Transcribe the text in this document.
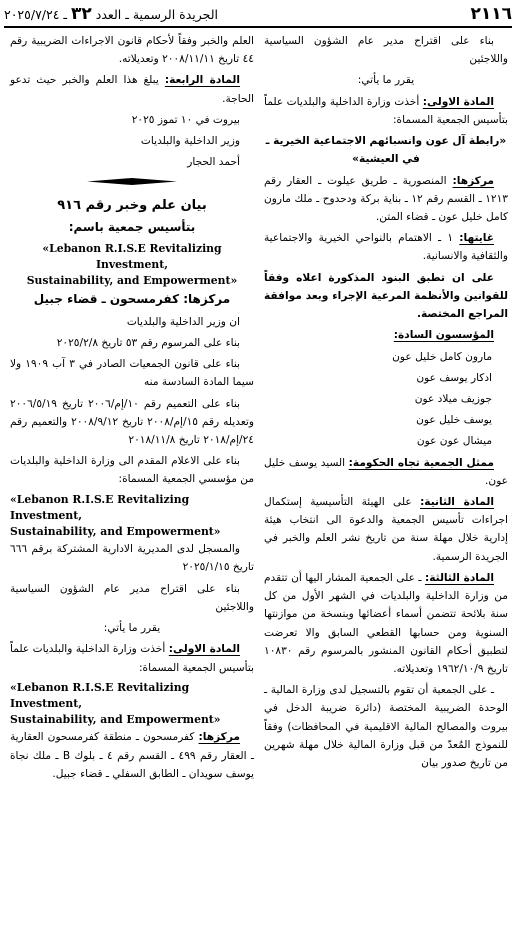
٢١١٦
الجريدة الرسمية ـ العدد ٣٢ ـ ٢٠٢٥/٧/٢٤

بناء على اقتراح مدير عام الشؤون السياسية واللاجئين

يقرر ما يأتي:

المادة الاولى: أخذت وزارة الداخلية والبلديات علماً بتأسيس الجمعية المسماة:

«رابطة آل عون وانسبائهم الاجتماعية الخيرية ـ في العيشية»

مركزها: المنصورية ـ طريق عيلوت ـ العقار رقم ١٢١٣ ـ القسم رقم ١٢ ـ بناية بركة ودحدوح ـ ملك مارون كامل خليل عون ـ قضاء المتن.

غايتها: ١ ـ الاهتمام بالنواحي الخيرية والاجتماعية والثقافية والانسانية.

على ان تطبق البنود المذكورة اعلاه وفقاً للقوانين والأنظمة المرعية الإجراء وبعد موافقة المراجع المختصة.

المؤسسون السادة:

مارون كامل خليل عون

ادكار يوسف عون

جوزيف ميلاد عون

يوسف خليل عون

ميشال عون عون

ممثل الجمعية تجاه الحكومة: السيد يوسف خليل عون.

المادة الثانية: على الهيئة التأسيسية إستكمال اجراءات تأسيس الجمعية والدعوة الى انتخاب هيئة إدارية خلال مهلة سنة من تاريخ نشر العلم والخبر في الجريدة الرسمية.

المادة الثالثة: ـ على الجمعية المشار اليها أن تتقدم من وزارة الداخلية والبلديات في الشهر الأول من كل سنة بلائحة تتضمن أسماء أعضائها وبنسخة من موازنتها السنوية ومن حسابها القطعي السابق والا تعرضت لتطبيق أحكام القانون المنشور بالمرسوم رقم ١٠٨٣٠ تاريخ ١٩٦٢/١٠/٩ وتعديلاته.

ـ على الجمعية أن تقوم بالتسجيل لدى وزارة المالية ـ الوحدة الضريبية المختصة (دائرة ضريبة الدخل في بيروت والمصالح المالية الاقليمية في المحافظات) وفقاً للنموذج المُعدّ من قبل وزارة المالية خلال مهلة شهرين من تاريخ صدور بيان

العلم والخبر وفقاً لأحكام قانون الاجراءات الضريبية رقم ٤٤ تاريخ ٢٠٠٨/١١/١١ وتعديلاته.

المادة الرابعة: يبلغ هذا العلم والخبر حيث تدعو الحاجة.

بيروت في ١٠ تموز ٢٠٢٥

وزير الداخلية والبلديات

أحمد الحجار

بيان علم وخبر رقم ٩١٦

بتأسيس جمعية باسم:

«Lebanon R.I.S.E Revitalizing Investment,
Sustainability, and Empowerment»

مركزها: كفرمسحون ـ قضاء جبيل

ان وزير الداخلية والبلديات

بناء على المرسوم رقم ٥٣ تاريخ ٢٠٢٥/٢/٨

بناء على قانون الجمعيات الصادر في ٣ آب ١٩٠٩ ولا سيما المادة السادسة منه

بناء على التعميم رقم ١٠/إم/٢٠٠٦ تاريخ ٢٠٠٦/٥/١٩ وتعديله رقم ١٥/إم/٢٠٠٨ تاريخ ٢٠٠٨/٩/١٢ والتعميم رقم ٢٤/إم/٢٠١٨ تاريخ ٢٠١٨/١١/٨

بناء على الاعلام المقدم الى وزارة الداخلية والبلديات من مؤسسي الجمعية المسماة:

«Lebanon R.I.S.E Revitalizing Investment,
Sustainability, and Empowerment»

والمسجل لدى المديرية الادارية المشتركة برقم ٦٦٦ تاريخ ٢٠٢٥/١/١٥

بناء على اقتراح مدير عام الشؤون السياسية واللاجئين

يقرر ما يأتي:

المادة الاولى: أخذت وزارة الداخلية والبلديات علماً بتأسيس الجمعية المسماة:

«Lebanon R.I.S.E Revitalizing Investment,
Sustainability, and Empowerment»

مركزها: كفرمسحون ـ منطقة كفرمسحون العقارية ـ العقار رقم ٤٩٩ ـ القسم رقم ٤ ـ بلوك B ـ ملك نجاة يوسف سويدان ـ الطابق السفلي ـ قضاء جبيل.
